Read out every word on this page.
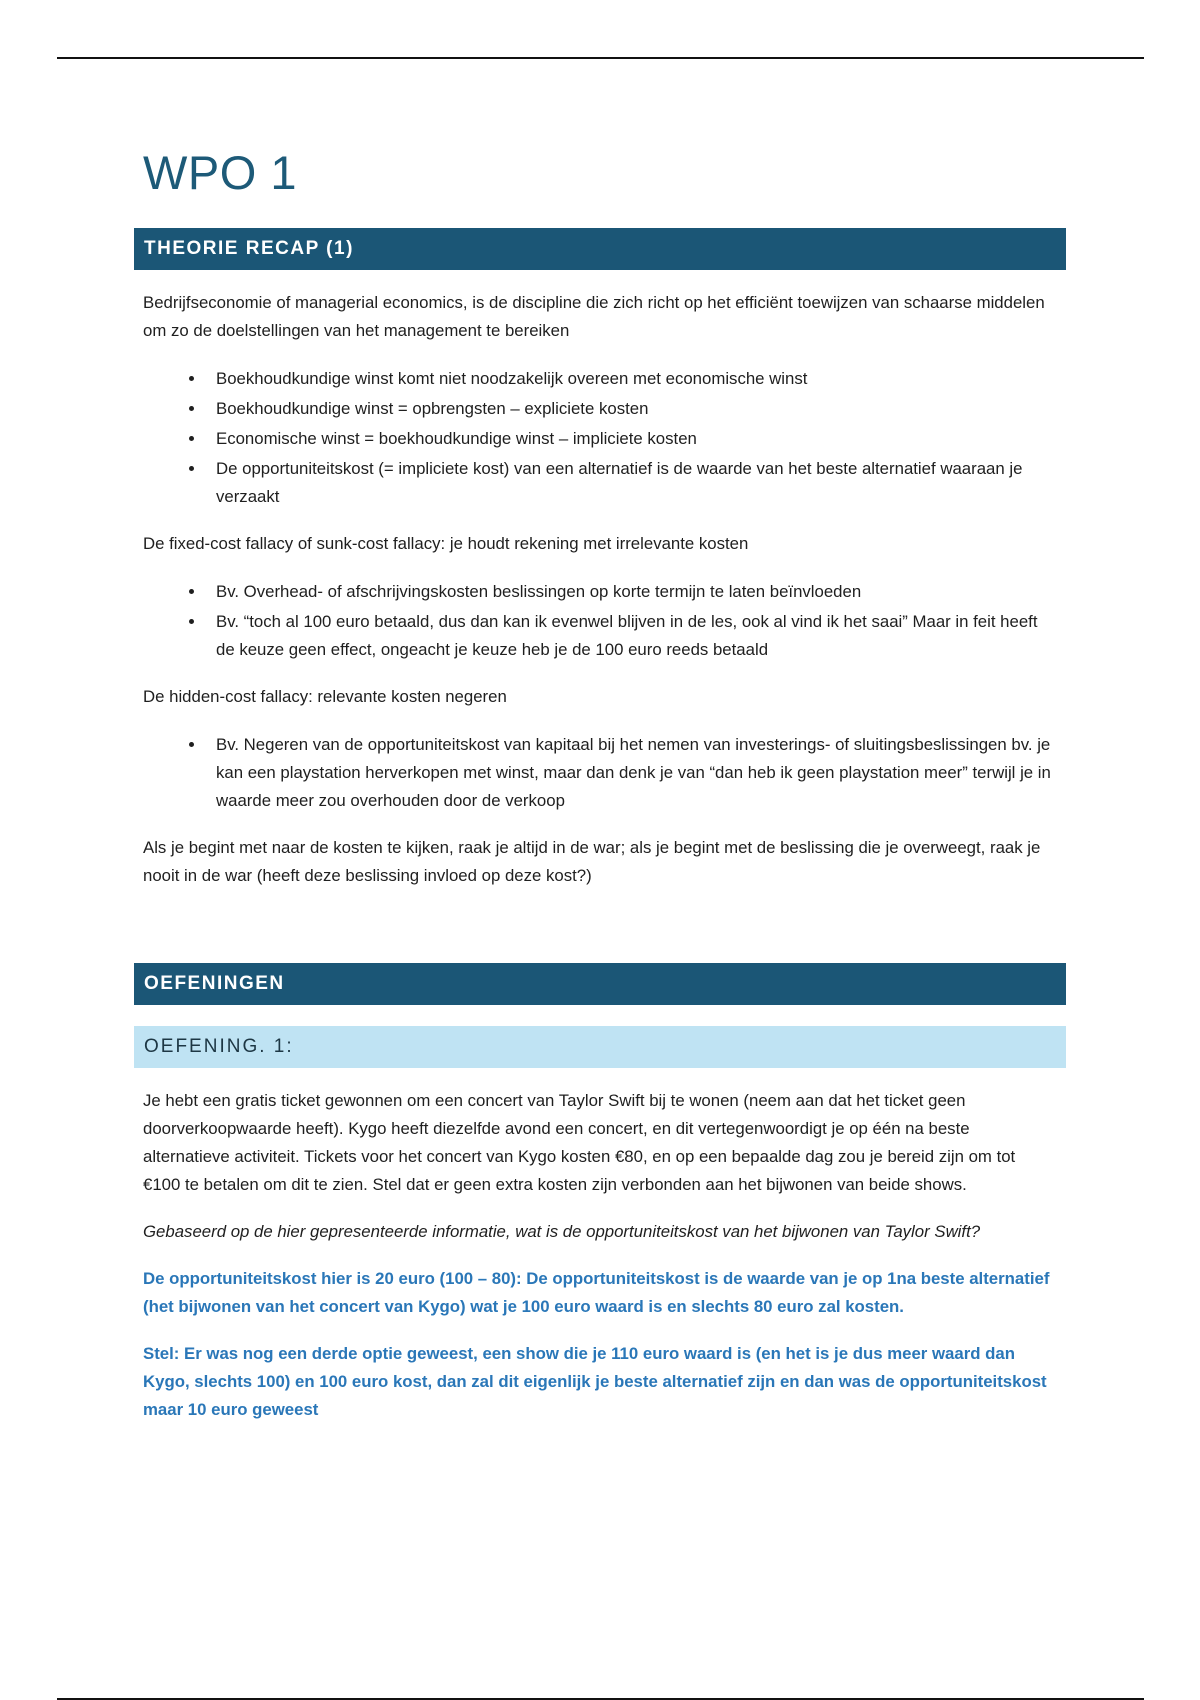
WPO 1
THEORIE RECAP (1)

Bedrijfseconomie of managerial economics, is de discipline die zich richt op het efficiënt toewijzen van schaarse middelen om zo de doelstellingen van het management te bereiken

• Boekhoudkundige winst komt niet noodzakelijk overeen met economische winst
• Boekhoudkundige winst = opbrengsten – expliciete kosten
• Economische winst = boekhoudkundige winst – impliciete kosten
• De opportuniteitskost (= impliciete kost) van een alternatief is de waarde van het beste alternatief waaraan je verzaakt

De fixed-cost fallacy of sunk-cost fallacy: je houdt rekening met irrelevante kosten

• Bv. Overhead- of afschrijvingskosten beslissingen op korte termijn te laten beïnvloeden
• Bv. “toch al 100 euro betaald, dus dan kan ik evenwel blijven in de les, ook al vind ik het saai” Maar in feit heeft de keuze geen effect, ongeacht je keuze heb je de 100 euro reeds betaald

De hidden-cost fallacy: relevante kosten negeren

• Bv. Negeren van de opportuniteitskost van kapitaal bij het nemen van investerings- of sluitingsbeslissingen bv. je kan een playstation herverkopen met winst, maar dan denk je van “dan heb ik geen playstation meer” terwijl je in waarde meer zou overhouden door de verkoop

Als je begint met naar de kosten te kijken, raak je altijd in de war; als je begint met de beslissing die je overweegt, raak je nooit in de war (heeft deze beslissing invloed op deze kost?)

OEFENINGEN
OEFENING. 1:

Je hebt een gratis ticket gewonnen om een concert van Taylor Swift bij te wonen (neem aan dat het ticket geen doorverkoopwaarde heeft). Kygo heeft diezelfde avond een concert, en dit vertegenwoordigt je op één na beste alternatieve activiteit. Tickets voor het concert van Kygo kosten €80, en op een bepaalde dag zou je bereid zijn om tot €100 te betalen om dit te zien. Stel dat er geen extra kosten zijn verbonden aan het bijwonen van beide shows.

Gebaseerd op de hier gepresenteerde informatie, wat is de opportuniteitskost van het bijwonen van Taylor Swift?

De opportuniteitskost hier is 20 euro (100 – 80): De opportuniteitskost is de waarde van je op 1na beste alternatief (het bijwonen van het concert van Kygo) wat je 100 euro waard is en slechts 80 euro zal kosten.

Stel: Er was nog een derde optie geweest, een show die je 110 euro waard is (en het is je dus meer waard dan Kygo, slechts 100) en 100 euro kost, dan zal dit eigenlijk je beste alternatief zijn en dan was de opportuniteitskost maar 10 euro geweest
